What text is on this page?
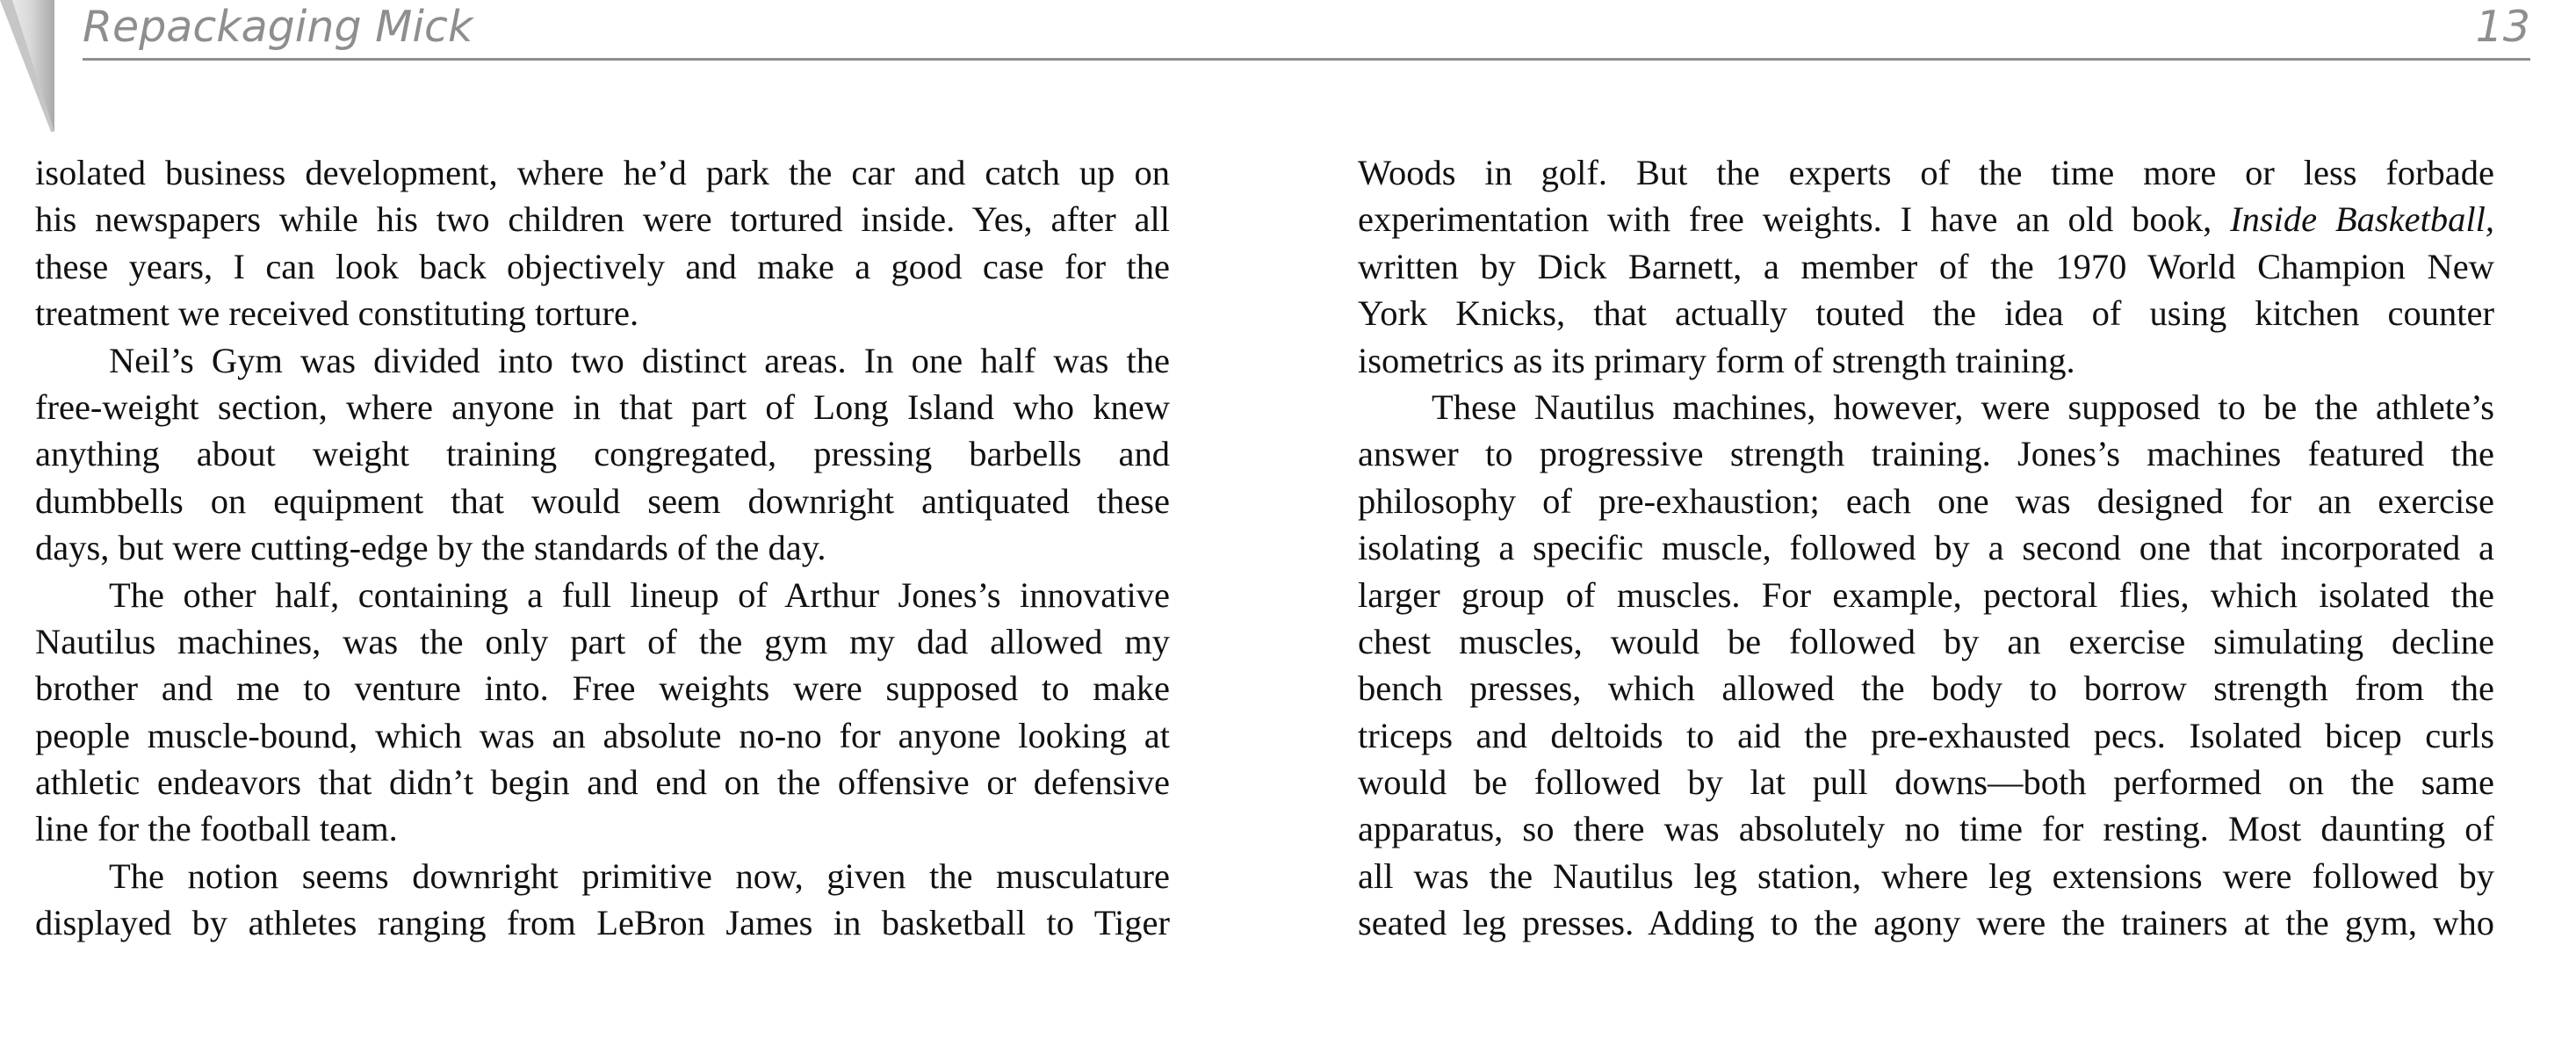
Repackaging Mick	13

isolated business development, where he’d park the car and catch up on
his newspapers while his two children were tortured inside. Yes, after all
these years, I can look back objectively and make a good case for the
treatment we received constituting torture.

Neil’s Gym was divided into two distinct areas. In one half was the
free-weight section, where anyone in that part of Long Island who knew
anything about weight training congregated, pressing barbells and
dumbbells on equipment that would seem downright antiquated these
days, but were cutting-edge by the standards of the day.

The other half, containing a full lineup of Arthur Jones’s innovative
Nautilus machines, was the only part of the gym my dad allowed my
brother and me to venture into. Free weights were supposed to make
people muscle-bound, which was an absolute no-no for anyone looking at
athletic endeavors that didn’t begin and end on the offensive or defensive
line for the football team.

The notion seems downright primitive now, given the musculature
displayed by athletes ranging from LeBron James in basketball to Tiger

Woods in golf. But the experts of the time more or less forbade
experimentation with free weights. I have an old book, Inside Basketball,
written by Dick Barnett, a member of the 1970 World Champion New
York Knicks, that actually touted the idea of using kitchen counter
isometrics as its primary form of strength training.

These Nautilus machines, however, were supposed to be the athlete’s
answer to progressive strength training. Jones’s machines featured the
philosophy of pre-exhaustion; each one was designed for an exercise
isolating a specific muscle, followed by a second one that incorporated a
larger group of muscles. For example, pectoral flies, which isolated the
chest muscles, would be followed by an exercise simulating decline
bench presses, which allowed the body to borrow strength from the
triceps and deltoids to aid the pre-exhausted pecs. Isolated bicep curls
would be followed by lat pull downs—both performed on the same
apparatus, so there was absolutely no time for resting. Most daunting of
all was the Nautilus leg station, where leg extensions were followed by
seated leg presses. Adding to the agony were the trainers at the gym, who
